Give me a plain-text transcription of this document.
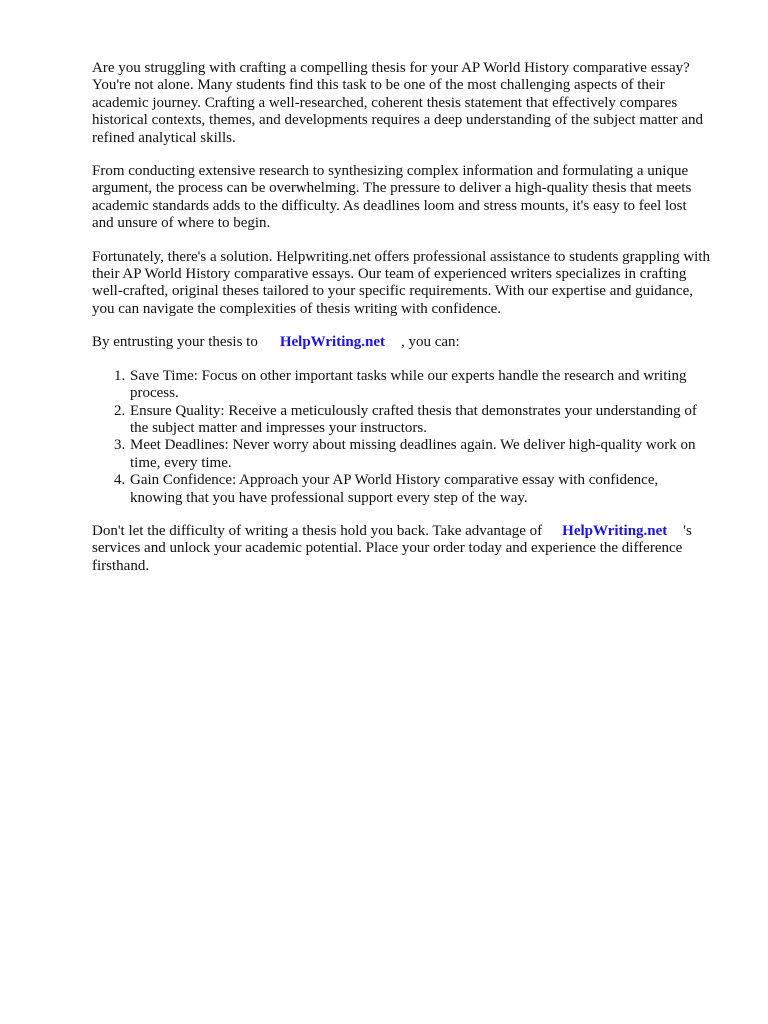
Are you struggling with crafting a compelling thesis for your AP World History comparative essay? You're not alone. Many students find this task to be one of the most challenging aspects of their academic journey. Crafting a well-researched, coherent thesis statement that effectively compares historical contexts, themes, and developments requires a deep understanding of the subject matter and refined analytical skills.

From conducting extensive research to synthesizing complex information and formulating a unique argument, the process can be overwhelming. The pressure to deliver a high-quality thesis that meets academic standards adds to the difficulty. As deadlines loom and stress mounts, it's easy to feel lost and unsure of where to begin.

Fortunately, there's a solution. Helpwriting.net offers professional assistance to students grappling with their AP World History comparative essays. Our team of experienced writers specializes in crafting well-crafted, original theses tailored to your specific requirements. With our expertise and guidance, you can navigate the complexities of thesis writing with confidence.

By entrusting your thesis to HelpWriting.net , you can:

1. Save Time: Focus on other important tasks while our experts handle the research and writing process.
2. Ensure Quality: Receive a meticulously crafted thesis that demonstrates your understanding of the subject matter and impresses your instructors.
3. Meet Deadlines: Never worry about missing deadlines again. We deliver high-quality work on time, every time.
4. Gain Confidence: Approach your AP World History comparative essay with confidence, knowing that you have professional support every step of the way.

Don't let the difficulty of writing a thesis hold you back. Take advantage of HelpWriting.net 's services and unlock your academic potential. Place your order today and experience the difference firsthand.
